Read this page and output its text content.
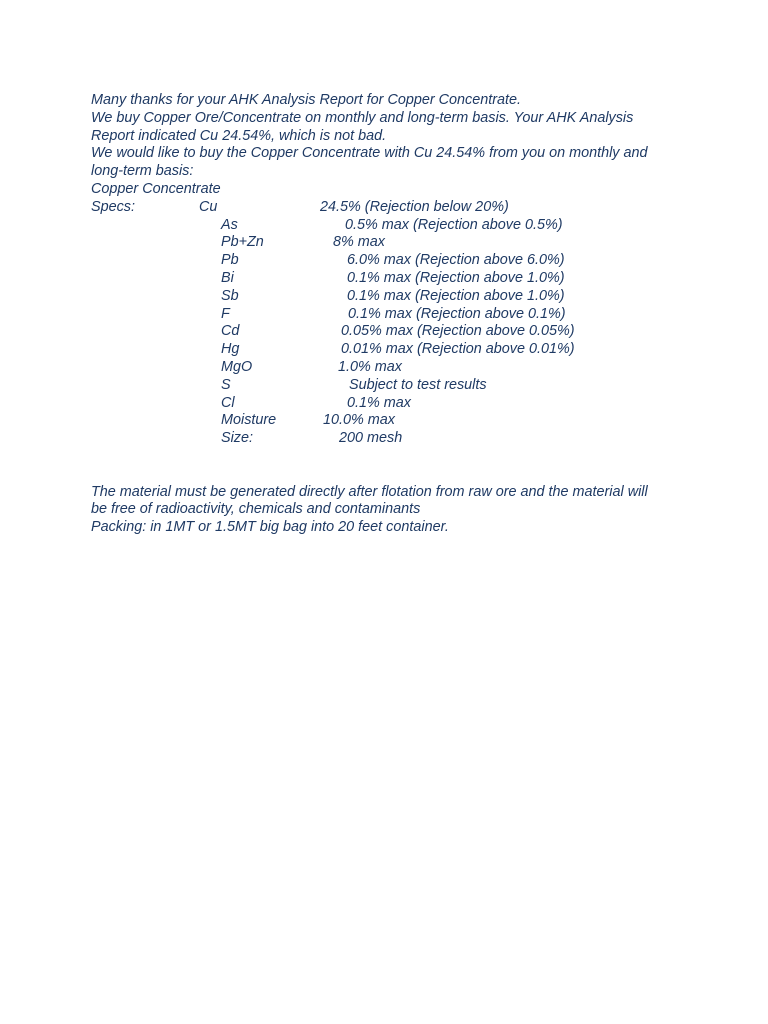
Many thanks for your AHK Analysis Report for Copper Concentrate.
We buy Copper Ore/Concentrate on monthly and long-term basis. Your AHK Analysis
Report indicated Cu 24.54%, which is not bad.
We would like to buy the Copper Concentrate with Cu 24.54% from you on monthly and
long-term basis:
Copper Concentrate
Specs:	Cu	24.5% (Rejection below 20%)
As	0.5% max (Rejection above 0.5%)
Pb+Zn	8% max
Pb	6.0% max (Rejection above 6.0%)
Bi	0.1% max (Rejection above 1.0%)
Sb	0.1% max (Rejection above 1.0%)
F	0.1% max (Rejection above 0.1%)
Cd	0.05% max (Rejection above 0.05%)
Hg	0.01% max (Rejection above 0.01%)
MgO	1.0% max
S	Subject to test results
Cl	0.1% max
Moisture	10.0% max
Size:	200 mesh
The material must be generated directly after flotation from raw ore and the material will
be free of radioactivity, chemicals and contaminants
Packing: in 1MT or 1.5MT big bag into 20 feet container.
